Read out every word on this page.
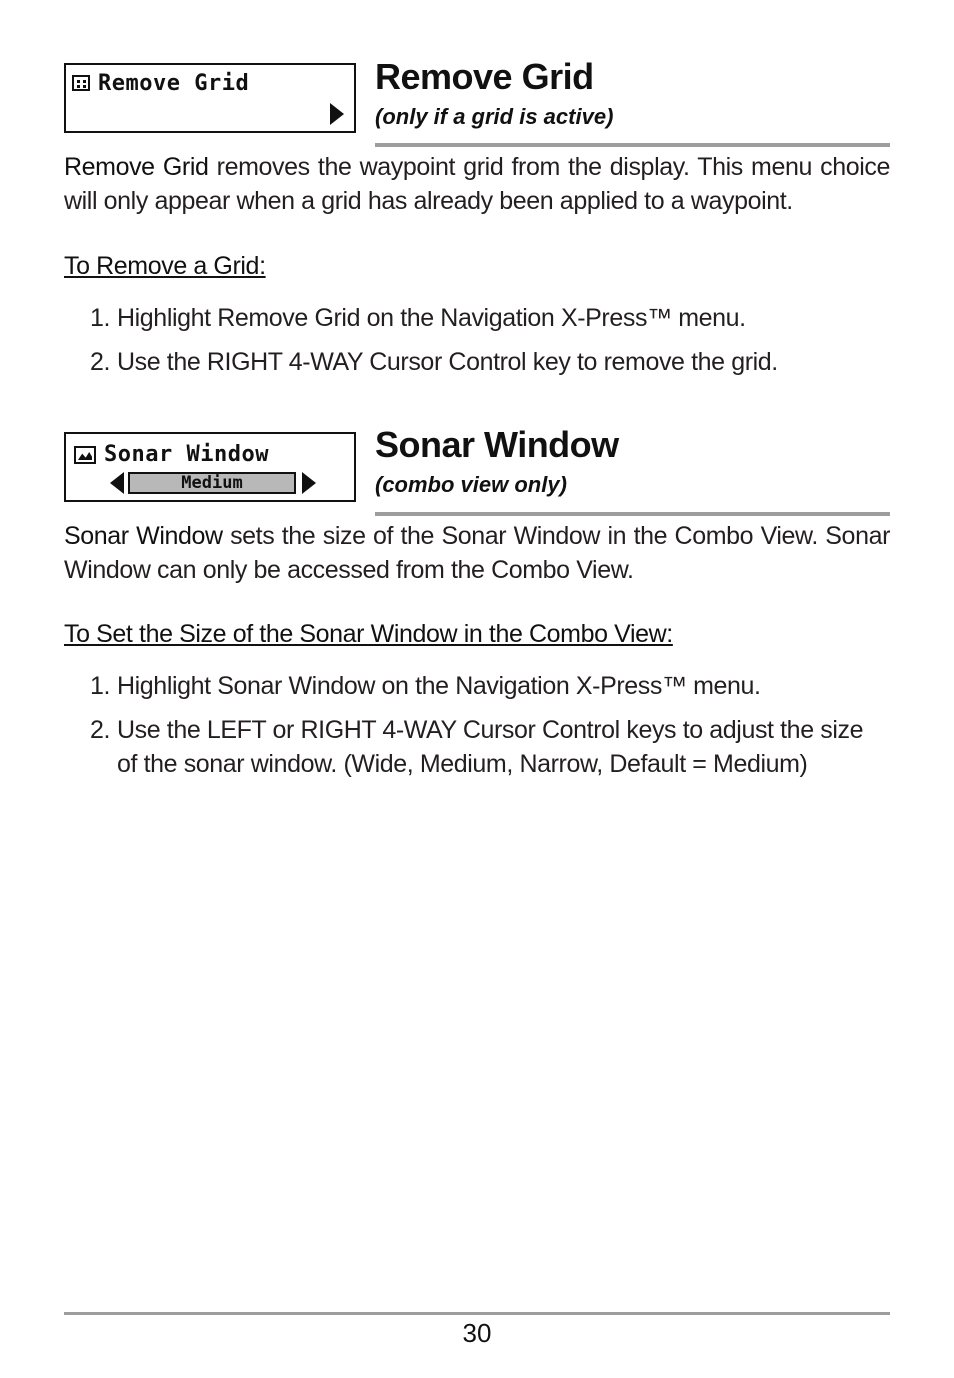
Remove Grid	Remove Grid
(only if a grid is active)

Remove Grid removes the waypoint grid from the display. This menu choice will only appear when a grid has already been applied to a waypoint.

To Remove a Grid:
1. Highlight Remove Grid on the Navigation X-Press™ menu.
2. Use the RIGHT 4-WAY Cursor Control key to remove the grid.
Sonar Window
Medium
Sonar Window
(combo view only)

Sonar Window sets the size of the Sonar Window in the Combo View. Sonar Window can only be accessed from the Combo View.

To Set the Size of the Sonar Window in the Combo View:
1. Highlight Sonar Window on the Navigation X-Press™ menu.
2. Use the LEFT or RIGHT 4-WAY Cursor Control keys to adjust the size of the sonar window. (Wide, Medium, Narrow, Default = Medium)
30
